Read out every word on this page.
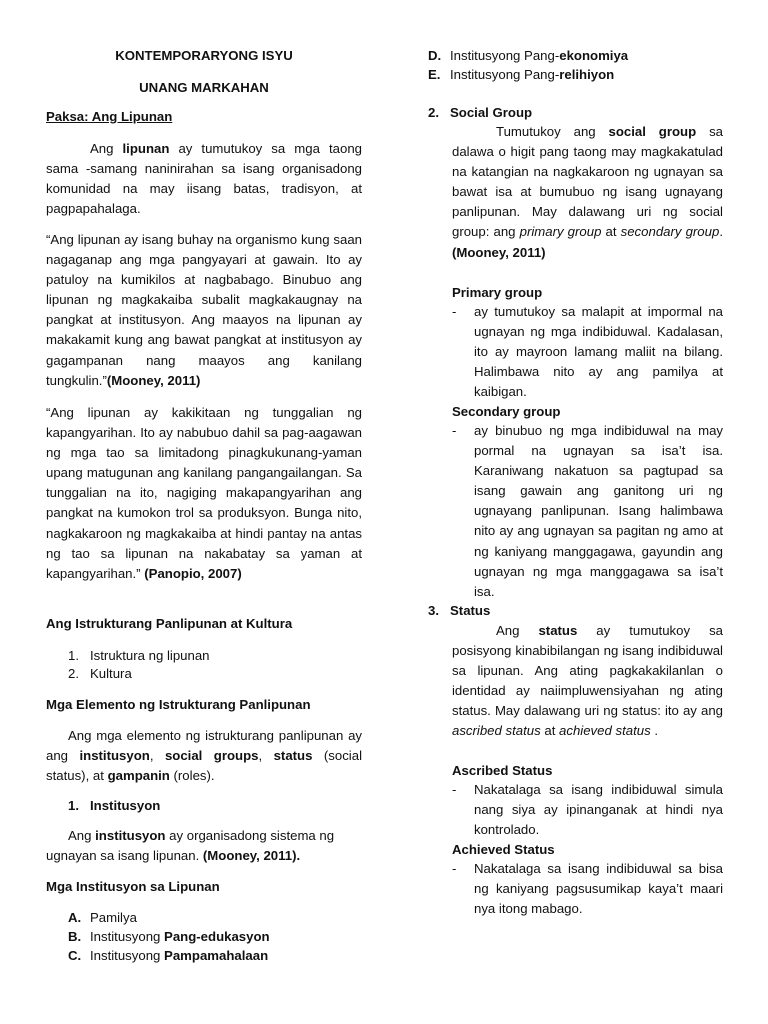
KONTEMPORARYONG ISYU
UNANG MARKAHAN
Paksa: Ang Lipunan
Ang lipunan ay tumutukoy sa mga taong sama -samang naninirahan sa isang organisadong komunidad na may iisang batas, tradisyon, at pagpapahalaga.
“Ang lipunan ay isang buhay na organismo kung saan nagaganap ang mga pangyayari at gawain. Ito ay patuloy na kumikilos at nagbabago. Binubuo ang lipunan ng magkakaiba subalit magkakaugnay na pangkat at institusyon. Ang maayos na lipunan ay makakamit kung ang bawat pangkat at institusyon ay gagampanan nang maayos ang kanilang tungkulin.”(Mooney, 2011)
“Ang lipunan ay kakikitaan ng tunggalian ng kapangyarihan. Ito ay nabubuo dahil sa pag-aagawan ng mga tao sa limitadong pinagkukunang-yaman upang matugunan ang kanilang pangangailangan. Sa tunggalian na ito, nagiging makapangyarihan ang pangkat na kumokon trol sa produksyon. Bunga nito, nagkakaroon ng magkakaiba at hindi pantay na antas ng tao sa lipunan na nakabatay sa yaman at kapangyarihan.” (Panopio, 2007)
Ang Istrukturang Panlipunan at Kultura
1. Istruktura ng lipunan
2. Kultura
Mga Elemento ng Istrukturang Panlipunan
Ang mga elemento ng istrukturang panlipunan ay ang institusyon, social groups, status (social status), at gampanin (roles).
1. Institusyon
Ang institusyon ay organisadong sistema ng ugnayan sa isang lipunan. (Mooney, 2011).
Mga Institusyon sa Lipunan
A. Pamilya
B. Institusyong Pang-edukasyon
C. Institusyong Pampamahalaan
D. Institusyong Pang-ekonomiya
E. Institusyong Pang-relihiyon
2. Social Group
Tumutukoy ang social group sa dalawa o higit pang taong may magkakatulad na katangian na nagkakaroon ng ugnayan sa bawat isa at bumubuo ng isang ugnayang panlipunan. May dalawang uri ng social group: ang primary group at secondary group. (Mooney, 2011)
Primary group
- ay tumutukoy sa malapit at impormal na ugnayan ng mga indibiduwal. Kadalasan, ito ay mayroon lamang maliit na bilang. Halimbawa nito ay ang pamilya at kaibigan.
Secondary group
- ay binubuo ng mga indibiduwal na may pormal na ugnayan sa isa’t isa. Karaniwang nakatuon sa pagtupad sa isang gawain ang ganitong uri ng ugnayang panlipunan. Isang halimbawa nito ay ang ugnayan sa pagitan ng amo at ng kaniyang manggagawa, gayundin ang ugnayan ng mga manggagawa sa isa’t isa.
3. Status
Ang status ay tumutukoy sa posisyong kinabibilangan ng isang indibiduwal sa lipunan. Ang ating pagkakakilanlan o identidad ay naiimpluwensiyahan ng ating status. May dalawang uri ng status: ito ay ang ascribed status at achieved status .
Ascribed Status
- Nakatalaga sa isang indibiduwal simula nang siya ay ipinanganak at hindi nya kontrolado.
Achieved Status
- Nakatalaga sa isang indibiduwal sa bisa ng kaniyang pagsusumikap kaya’t maari nya itong mabago.
